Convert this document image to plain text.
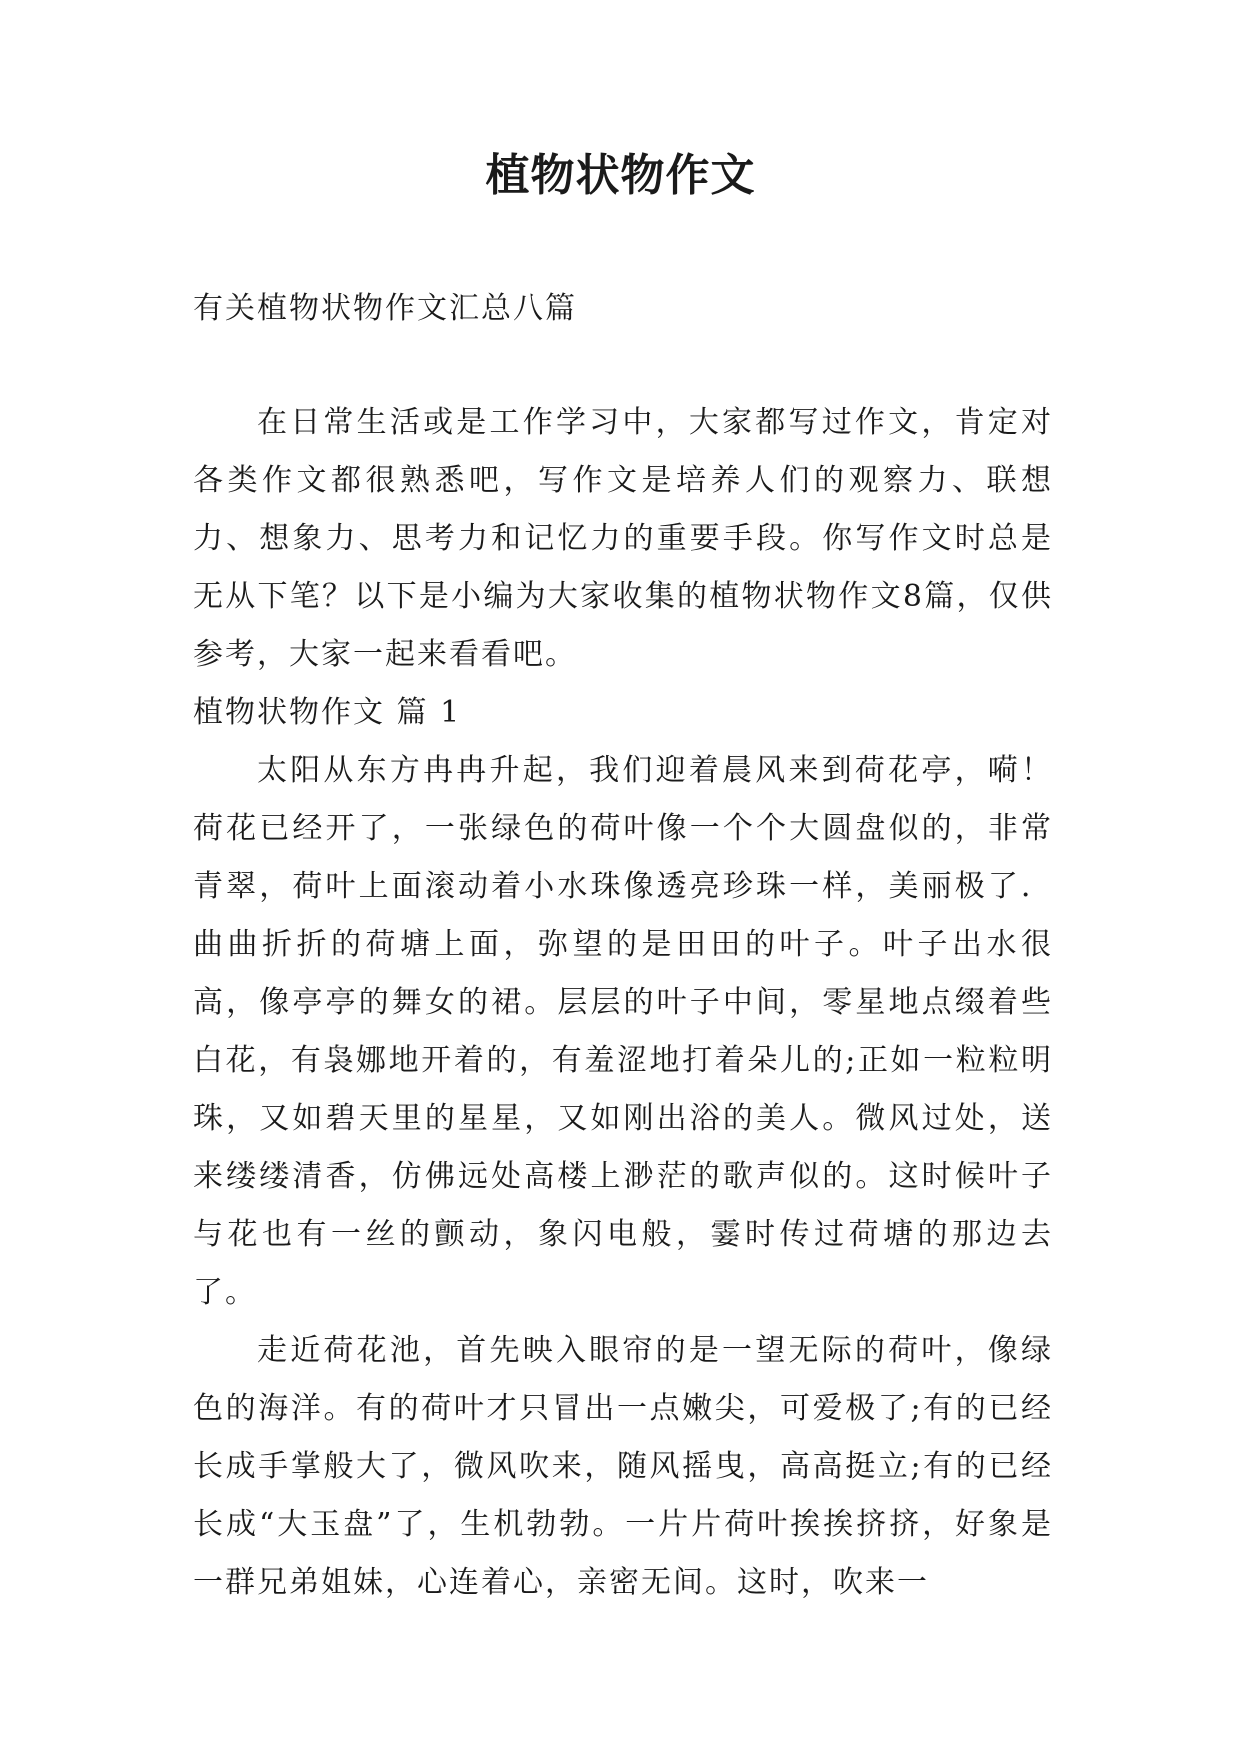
植物状物作文

有关植物状物作文汇总八篇

在日常生活或是工作学习中，大家都写过作文，肯定对各类作文都很熟悉吧，写作文是培养人们的观察力、联想力、想象力、思考力和记忆力的重要手段。你写作文时总是无从下笔？以下是小编为大家收集的植物状物作文8篇，仅供参考，大家一起来看看吧。

植物状物作文 篇 1

太阳从东方冉冉升起，我们迎着晨风来到荷花亭，嗬！荷花已经开了，一张绿色的荷叶像一个个大圆盘似的，非常青翠，荷叶上面滚动着小水珠像透亮珍珠一样，美丽极了．曲曲折折的荷塘上面，弥望的是田田的叶子。叶子出水很高，像亭亭的舞女的裙。层层的叶子中间，零星地点缀着些白花，有袅娜地开着的，有羞涩地打着朵儿的;正如一粒粒明珠，又如碧天里的星星，又如刚出浴的美人。微风过处，送来缕缕清香，仿佛远处高楼上渺茫的歌声似的。这时候叶子与花也有一丝的颤动，象闪电般，霎时传过荷塘的那边去了。

走近荷花池，首先映入眼帘的是一望无际的荷叶，像绿色的海洋。有的荷叶才只冒出一点嫩尖，可爱极了;有的已经长成手掌般大了，微风吹来，随风摇曳，高高挺立;有的已经长成“大玉盘”了，生机勃勃。一片片荷叶挨挨挤挤，好象是一群兄弟姐妹，心连着心，亲密无间。这时，吹来一
